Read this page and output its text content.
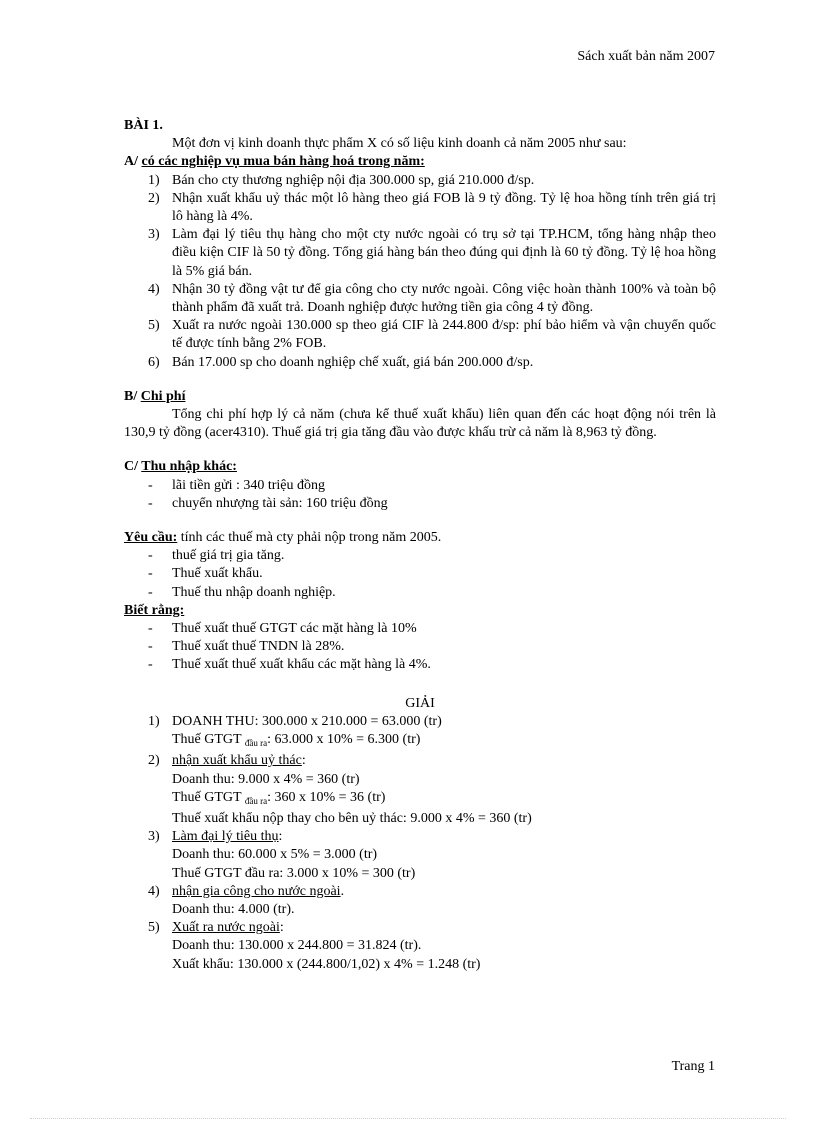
Sách xuất bản năm 2007
BÀI 1.
Một đơn vị kinh doanh thực phẩm X có số liệu kinh doanh cả năm 2005 như sau:
A/ có các nghiệp vụ mua bán hàng hoá trong năm:
1) Bán cho cty thương nghiệp nội địa 300.000 sp, giá 210.000 đ/sp.
2) Nhận xuất khẩu uỷ thác một lô hàng theo giá FOB là 9 tỷ đồng. Tỷ lệ hoa hồng tính trên giá trị lô hàng là 4%.
3) Làm đại lý tiêu thụ hàng cho một cty nước ngoài có trụ sở tại TP.HCM, tổng hàng nhập theo điều kiện CIF là 50 tỷ đồng. Tổng giá hàng bán theo đúng qui định là 60 tỷ đồng. Tỷ lệ hoa hồng là 5% giá bán.
4) Nhận 30 tỷ đồng vật tư để gia công cho cty nước ngoài. Công việc hoàn thành 100% và toàn bộ thành phẩm đã xuất trả. Doanh nghiệp được hưởng tiền gia công 4 tỷ đồng.
5) Xuất ra nước ngoài 130.000 sp theo giá CIF là 244.800 đ/sp: phí bảo hiểm và vận chuyển quốc tế được tính bằng 2% FOB.
6) Bán 17.000 sp cho doanh nghiệp chế xuất, giá bán 200.000 đ/sp.
B/ Chi phí
Tổng chi phí hợp lý cả năm (chưa kể thuế xuất khẩu) liên quan đến các hoạt động nói trên là 130,9 tỷ đồng (acer4310). Thuế giá trị gia tăng đầu vào được khấu trừ cả năm là 8,963 tỷ đồng.
C/ Thu nhập khác:
- lãi tiền gửi : 340 triệu đồng
- chuyển nhượng tài sản: 160 triệu đồng
Yêu cầu: tính các thuế mà cty phải nộp trong năm 2005.
- thuế giá trị gia tăng.
- Thuế xuất khẩu.
- Thuế thu nhập doanh nghiệp.
Biết rằng:
- Thuế xuất thuế GTGT các mặt hàng là 10%
- Thuế xuất thuế TNDN là 28%.
- Thuế xuất thuế xuất khẩu các mặt hàng là 4%.
GIẢI
1) DOANH THU: 300.000 x 210.000 = 63.000 (tr)
Thuế GTGT $_{đầu ra}$: 63.000 x 10% = 6.300 (tr)
2) nhận xuất khẩu uỷ thác:
Doanh thu: 9.000 x 4% = 360 (tr)
Thuế GTGT $_{đầu ra}$: 360 x 10% = 36 (tr)
Thuế xuất khẩu nộp thay cho bên uỷ thác: 9.000 x 4% = 360 (tr)
3) Làm đại lý tiêu thụ:
Doanh thu: 60.000 x 5% = 3.000 (tr)
Thuế GTGT đầu ra: 3.000 x 10% = 300 (tr)
4) nhận gia công cho nước ngoài.
Doanh thu: 4.000 (tr).
5) Xuất ra nước ngoài:
Doanh thu: 130.000 x 244.800 = 31.824 (tr).
Xuất khẩu: 130.000 x (244.800/1,02) x 4% = 1.248 (tr)
Trang 1
